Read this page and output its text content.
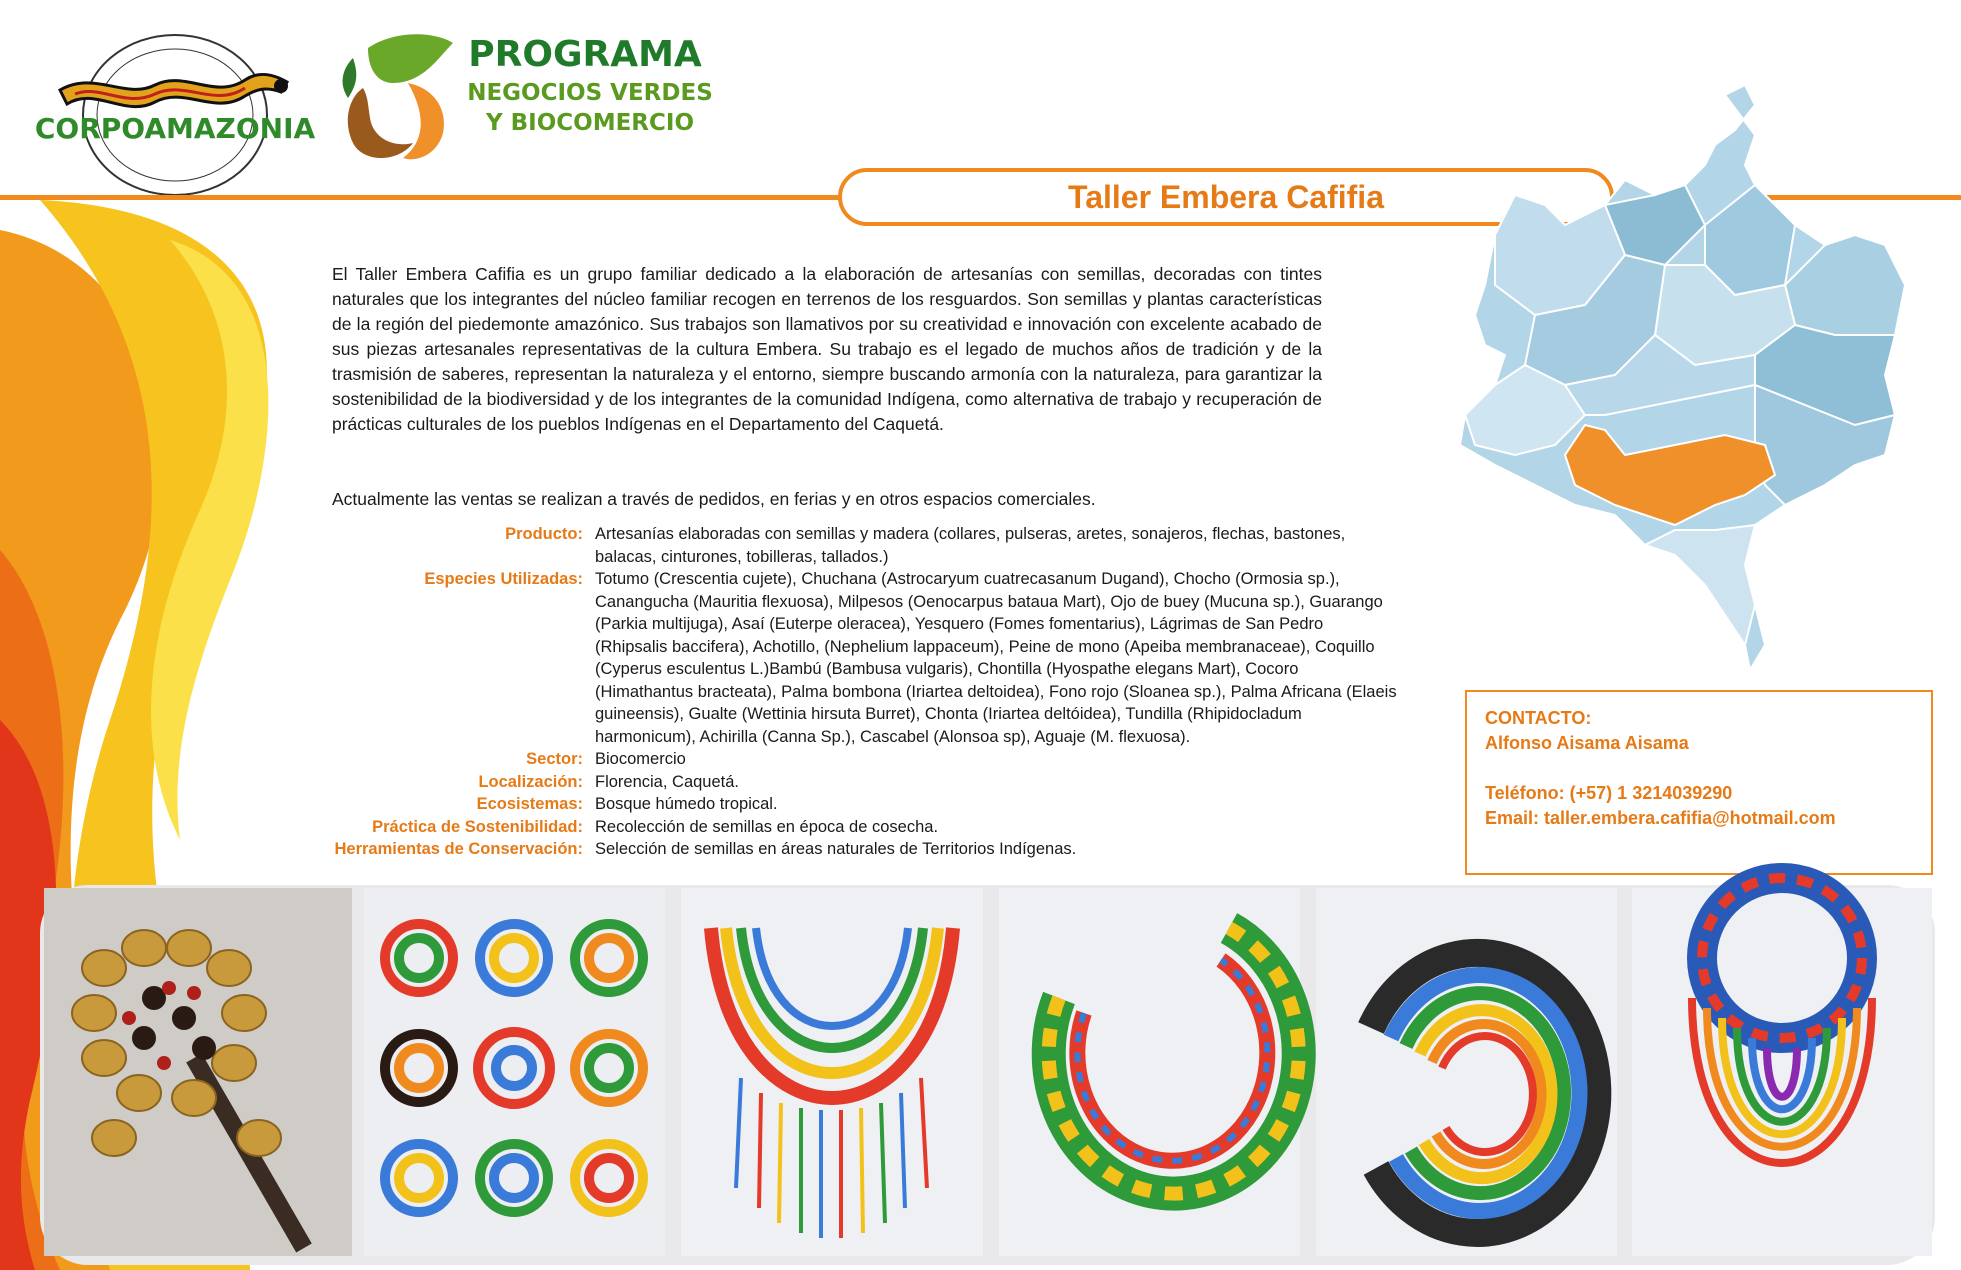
CORPOAMAZONIA
PROGRAMA
NEGOCIOS VERDES
Y BIOCOMERCIO
Taller Embera Cafifia
El Taller Embera Cafifia es un grupo familiar dedicado a la elaboración de artesanías con semillas, decoradas con tintes naturales que los integrantes del núcleo familiar recogen en terrenos de los resguardos. Son semillas y plantas características de la región del piedemonte amazónico. Sus trabajos son llamativos por su creatividad e innovación con excelente acabado de sus piezas artesanales representativas de la cultura Embera. Su trabajo es el legado de muchos años de tradición y de la trasmisión de saberes, representan la naturaleza y el entorno, siempre buscando armonía con la naturaleza, para garantizar la sostenibilidad de la biodiversidad y de los integrantes de la comunidad Indígena, como alternativa de trabajo y recuperación de prácticas culturales de los pueblos Indígenas en el Departamento del Caquetá.
Actualmente las ventas se realizan a través de pedidos, en ferias y en otros espacios comerciales.
Producto: Artesanías elaboradas con semillas y madera (collares, pulseras, aretes, sonajeros, flechas, bastones, balacas, cinturones, tobilleras, tallados.)
Especies Utilizadas: Totumo (Crescentia cujete), Chuchana (Astrocaryum cuatrecasanum Dugand), Chocho (Ormosia sp.), Canangucha (Mauritia flexuosa), Milpesos (Oenocarpus bataua Mart), Ojo de buey (Mucuna sp.), Guarango (Parkia multijuga), Asaí (Euterpe oleracea), Yesquero (Fomes fomentarius), Lágrimas de San Pedro (Rhipsalis baccifera), Achotillo, (Nephelium lappaceum), Peine de mono (Apeiba membranaceae), Coquillo (Cyperus esculentus L.)Bambú (Bambusa vulgaris), Chontilla (Hyospathe elegans Mart), Cocoro (Himathantus bracteata), Palma bombona (Iriartea deltoidea), Fono rojo (Sloanea sp.), Palma Africana (Elaeis guineensis), Gualte (Wettinia hirsuta Burret), Chonta (Iriartea deltóidea), Tundilla (Rhipidocladum harmonicum), Achirilla (Canna Sp.), Cascabel (Alonsoa sp), Aguaje (M. flexuosa).
Sector: Biocomercio
Localización: Florencia, Caquetá.
Ecosistemas: Bosque húmedo tropical.
Práctica de Sostenibilidad: Recolección de semillas en época de cosecha.
Herramientas de Conservación: Selección de semillas en áreas naturales de Territorios Indígenas.
CONTACTO:
Alfonso Aisama Aisama
Teléfono: (+57) 1 3214039290
Email: taller.embera.cafifia@hotmail.com
